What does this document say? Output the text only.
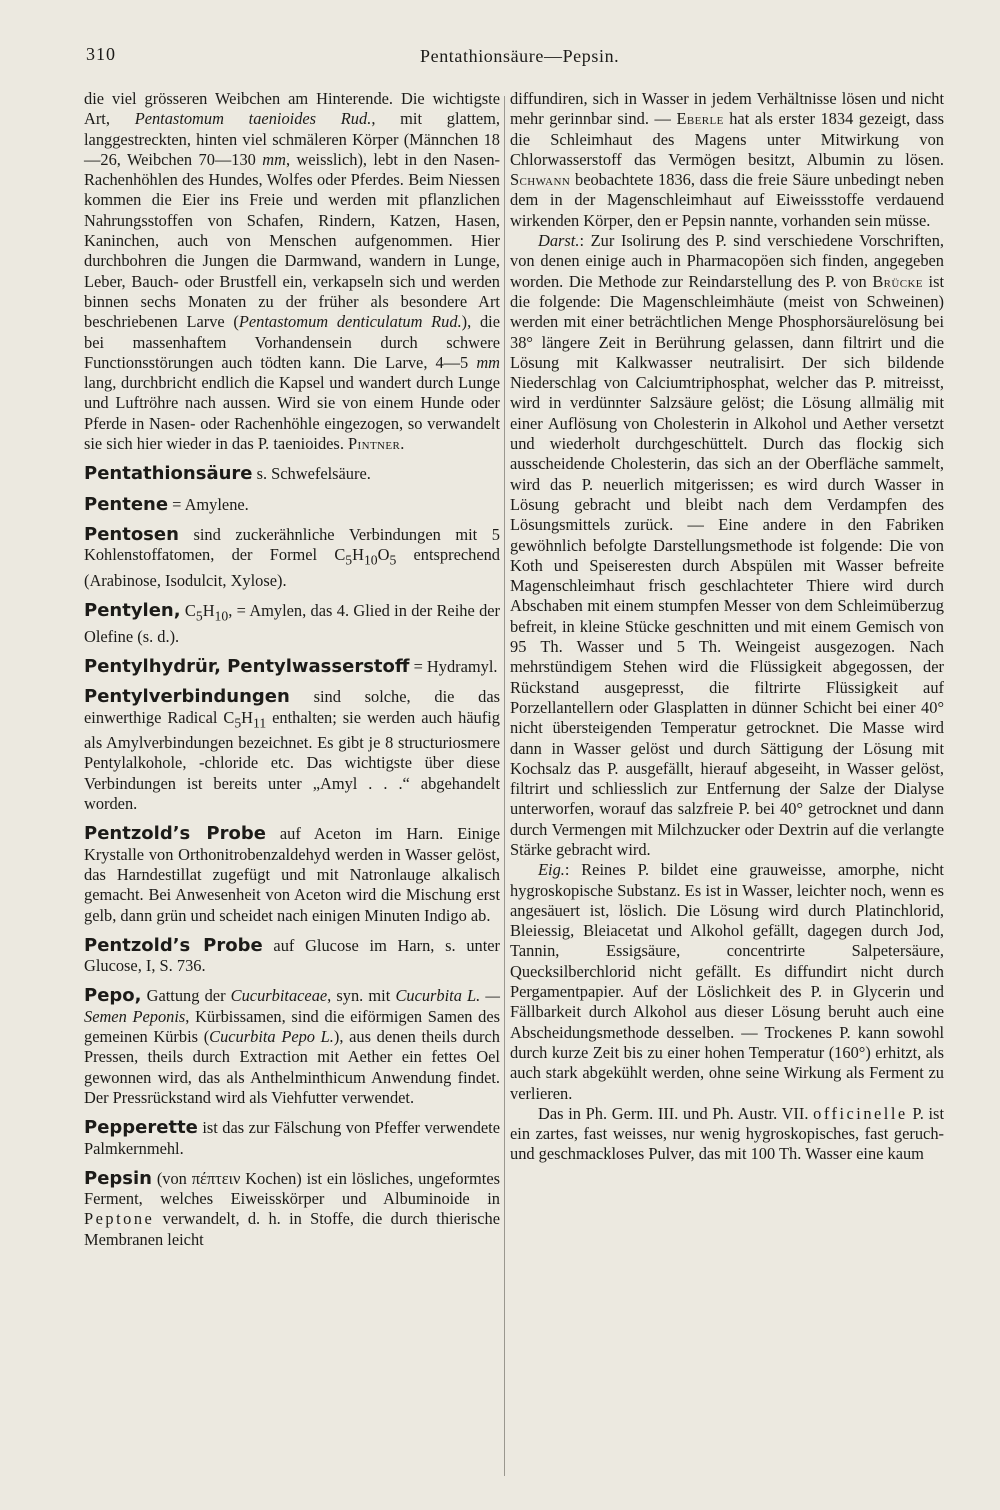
310	Pentathionsäure—Pepsin.

die viel grösseren Weibchen am Hinterende. Die wichtigste Art, Pentastomum taenioides Rud., mit glattem, langgestreckten, hinten viel schmäleren Körper (Männchen 18—26, Weibchen 70—130 mm, weisslich), lebt in den Nasen-Rachenhöhlen des Hundes, Wolfes oder Pferdes. Beim Niessen kommen die Eier ins Freie und werden mit pflanzlichen Nahrungsstoffen von Schafen, Rindern, Katzen, Hasen, Kaninchen, auch von Menschen aufgenommen. Hier durchbohren die Jungen die Darmwand, wandern in Lunge, Leber, Bauch- oder Brustfell ein, verkapseln sich und werden binnen sechs Monaten zu der früher als besondere Art beschriebenen Larve (Pentastomum denticulatum Rud.), die bei massenhaftem Vorhandensein durch schwere Functionsstörungen auch tödten kann. Die Larve, 4—5 mm lang, durchbricht endlich die Kapsel und wandert durch Lunge und Luftröhre nach aussen. Wird sie von einem Hunde oder Pferde in Nasen- oder Rachenhöhle eingezogen, so verwandelt sie sich hier wieder in das P. taenioides. Pintner.

Pentathionsäure s. Schwefelsäure.

Pentene = Amylene.

Pentosen sind zuckerähnliche Verbindungen mit 5 Kohlenstoffatomen, der Formel $C_5H_{10}O_5$ entsprechend (Arabinose, Isodulcit, Xylose).

Pentylen, $C_5H_{10}$, = Amylen, das 4. Glied in der Reihe der Olefine (s. d.).

Pentylhydrür, Pentylwasserstoff = Hydramyl.

Pentylverbindungen sind solche, die das einwerthige Radical $C_5H_{11}$ enthalten; sie werden auch häufig als Amylverbindungen bezeichnet. Es gibt je 8 structuriosmere Pentylalkohole, -chloride etc. Das wichtigste über diese Verbindungen ist bereits unter „Amyl . . .“ abgehandelt worden.

Pentzold’s Probe auf Aceton im Harn. Einige Krystalle von Orthonitrobenzaldehyd werden in Wasser gelöst, das Harndestillat zugefügt und mit Natronlauge alkalisch gemacht. Bei Anwesenheit von Aceton wird die Mischung erst gelb, dann grün und scheidet nach einigen Minuten Indigo ab.

Pentzold’s Probe auf Glucose im Harn, s. unter Glucose, I, S. 736.

Pepo, Gattung der Cucurbitaceae, syn. mit Cucurbita L. — Semen Peponis, Kürbissamen, sind die eiförmigen Samen des gemeinen Kürbis (Cucurbita Pepo L.), aus denen theils durch Pressen, theils durch Extraction mit Aether ein fettes Oel gewonnen wird, das als Anthelminthicum Anwendung findet. Der Pressrückstand wird als Viehfutter verwendet.

Pepperette ist das zur Fälschung von Pfeffer verwendete Palmkernmehl.

Pepsin (von πέπτειν Kochen) ist ein lösliches, ungeformtes Ferment, welches Eiweisskörper und Albuminoide in Peptone verwandelt, d. h. in Stoffe, die durch thierische Membranen leicht

diffundiren, sich in Wasser in jedem Verhältnisse lösen und nicht mehr gerinnbar sind. — Eberle hat als erster 1834 gezeigt, dass die Schleimhaut des Magens unter Mitwirkung von Chlorwasserstoff das Vermögen besitzt, Albumin zu lösen. Schwann beobachtete 1836, dass die freie Säure unbedingt neben dem in der Magenschleimhaut auf Eiweissstoffe verdauend wirkenden Körper, den er Pepsin nannte, vorhanden sein müsse.

Darst.: Zur Isolirung des P. sind verschiedene Vorschriften, von denen einige auch in Pharmacopöen sich finden, angegeben worden. Die Methode zur Reindarstellung des P. von Brücke ist die folgende: Die Magenschleimhäute (meist von Schweinen) werden mit einer beträchtlichen Menge Phosphorsäurelösung bei 38° längere Zeit in Berührung gelassen, dann filtrirt und die Lösung mit Kalkwasser neutralisirt. Der sich bildende Niederschlag von Calciumtriphosphat, welcher das P. mitreisst, wird in verdünnter Salzsäure gelöst; die Lösung allmälig mit einer Auflösung von Cholesterin in Alkohol und Aether versetzt und wiederholt durchgeschüttelt. Durch das flockig sich ausscheidende Cholesterin, das sich an der Oberfläche sammelt, wird das P. neuerlich mitgerissen; es wird durch Wasser in Lösung gebracht und bleibt nach dem Verdampfen des Lösungsmittels zurück. — Eine andere in den Fabriken gewöhnlich befolgte Darstellungsmethode ist folgende: Die von Koth und Speiseresten durch Abspülen mit Wasser befreite Magenschleimhaut frisch geschlachteter Thiere wird durch Abschaben mit einem stumpfen Messer von dem Schleimüberzug befreit, in kleine Stücke geschnitten und mit einem Gemisch von 95 Th. Wasser und 5 Th. Weingeist ausgezogen. Nach mehrstündigem Stehen wird die Flüssigkeit abgegossen, der Rückstand ausgepresst, die filtrirte Flüssigkeit auf Porzellantellern oder Glasplatten in dünner Schicht bei einer 40° nicht übersteigenden Temperatur getrocknet. Die Masse wird dann in Wasser gelöst und durch Sättigung der Lösung mit Kochsalz das P. ausgefällt, hierauf abgeseiht, in Wasser gelöst, filtrirt und schliesslich zur Entfernung der Salze der Dialyse unterworfen, worauf das salzfreie P. bei 40° getrocknet und dann durch Vermengen mit Milchzucker oder Dextrin auf die verlangte Stärke gebracht wird.

Eig.: Reines P. bildet eine grauweisse, amorphe, nicht hygroskopische Substanz. Es ist in Wasser, leichter noch, wenn es angesäuert ist, löslich. Die Lösung wird durch Platinchlorid, Bleiessig, Bleiacetat und Alkohol gefällt, dagegen durch Jod, Tannin, Essigsäure, concentrirte Salpetersäure, Quecksilberchlorid nicht gefällt. Es diffundirt nicht durch Pergamentpapier. Auf der Löslichkeit des P. in Glycerin und Fällbarkeit durch Alkohol aus dieser Lösung beruht auch eine Abscheidungsmethode desselben. — Trockenes P. kann sowohl durch kurze Zeit bis zu einer hohen Temperatur (160°) erhitzt, als auch stark abgekühlt werden, ohne seine Wirkung als Ferment zu verlieren.

Das in Ph. Germ. III. und Ph. Austr. VII. officinelle P. ist ein zartes, fast weisses, nur wenig hygroskopisches, fast geruch- und geschmackloses Pulver, das mit 100 Th. Wasser eine kaum
